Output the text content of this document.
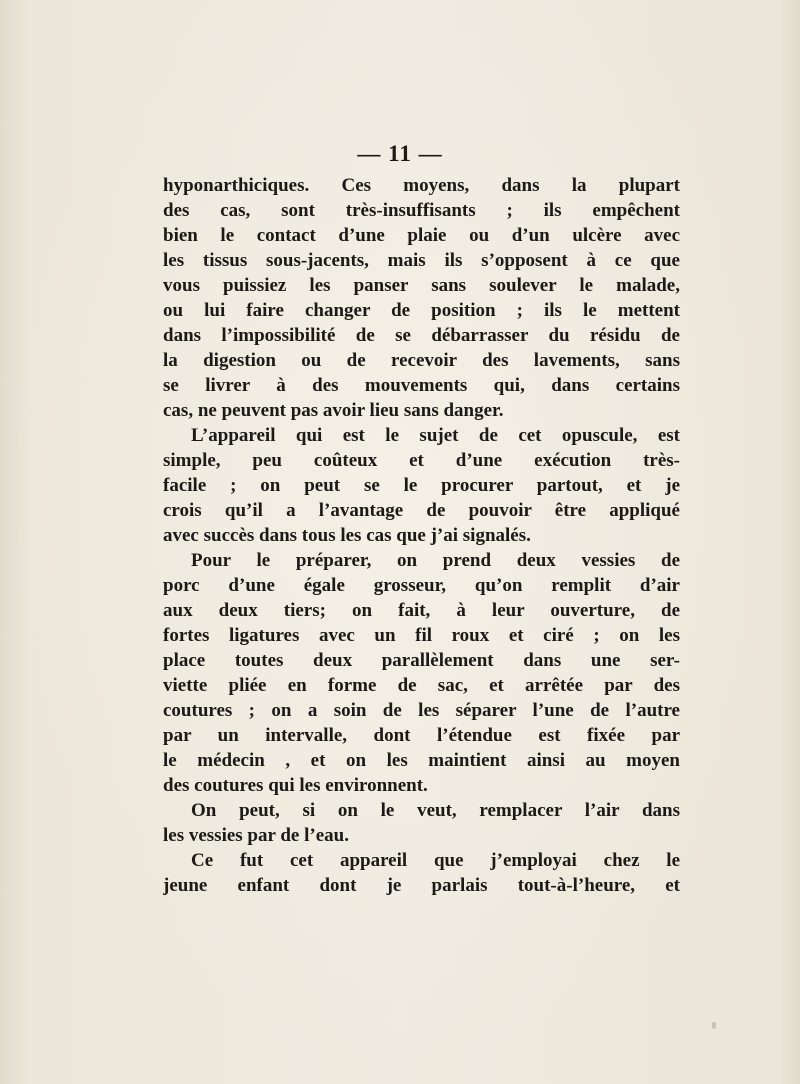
— 11 —

hyponarthiciques. Ces moyens, dans la plupart
des cas, sont très-insuffisants ; ils empêchent
bien le contact d’une plaie ou d’un ulcère avec
les tissus sous-jacents, mais ils s’opposent à ce que
vous puissiez les panser sans soulever le malade,
ou lui faire changer de position ; ils le mettent
dans l’impossibilité de se débarrasser du résidu de
la digestion ou de recevoir des lavements, sans
se livrer à des mouvements qui, dans certains
cas, ne peuvent pas avoir lieu sans danger.
L’appareil qui est le sujet de cet opuscule, est
simple, peu coûteux et d’une exécution très-
facile ; on peut se le procurer partout, et je
crois qu’il a l’avantage de pouvoir être appliqué
avec succès dans tous les cas que j’ai signalés.
Pour le préparer, on prend deux vessies de
porc d’une égale grosseur, qu’on remplit d’air
aux deux tiers; on fait, à leur ouverture, de
fortes ligatures avec un fil roux et ciré ; on les
place toutes deux parallèlement dans une ser-
viette pliée en forme de sac, et arrêtée par des
coutures ; on a soin de les séparer l’une de l’autre
par un intervalle, dont l’étendue est fixée par
le médecin , et on les maintient ainsi au moyen
des coutures qui les environnent.
On peut, si on le veut, remplacer l’air dans
les vessies par de l’eau.
Ce fut cet appareil que j’employai chez le
jeune enfant dont je parlais tout-à-l’heure, et
